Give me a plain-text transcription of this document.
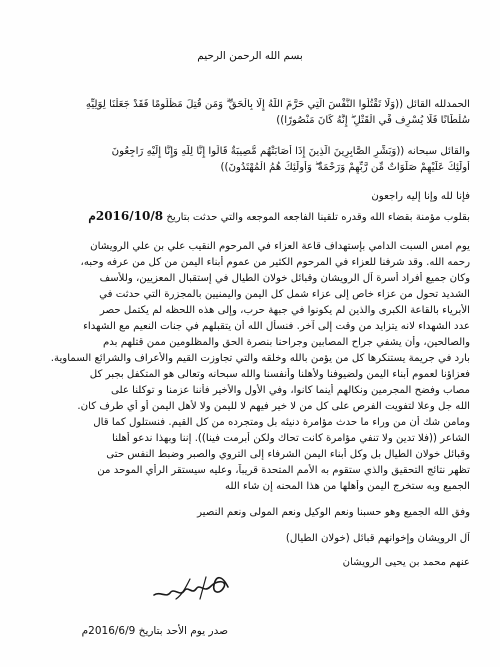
بسم الله الرحمن الرحيم
الحمدلله القائل ((وَلَا تَقْتُلُوا النَّفْسَ الَّتِي حَرَّمَ اللَّهُ إِلَّا بِالْحَقِّ ۗ وَمَن قُتِلَ مَظْلُومًا فَقَدْ جَعَلْنَا لِوَلِيِّهِ
سُلْطَانًا فَلَا يُسْرِف فِّي الْقَتْلِ ۖ إِنَّهُ كَانَ مَنْصُورًا))
والقائل سبحانه ((وَبَشِّرِ الصَّابِرِينَ الَّذِينَ إِذَا أَصَابَتْهُم مُّصِيبَةٌ قَالُوا إِنَّا لِلَّهِ وَإِنَّا إِلَيْهِ رَاجِعُونَ
أُولَٰئِكَ عَلَيْهِمْ صَلَوَاتٌ مِّن رَّبِّهِمْ وَرَحْمَةٌ ۖ وَأُولَٰئِكَ هُمُ الْمُهْتَدُونَ))
فإنا لله وإنا إليه راجعون
بقلوب مؤمنة بقضاء الله وقدره تلقينا الفاجعه الموجعه والتي حدثت بتاريخ 2016/10/8م
يوم امس السبت الدامي بإستهداف قاعة العزاء في المرحوم النقيب علي بن علي الرويشان
رحمه الله. وقد شرفنا للعزاء في المرحوم الكثير من عموم أبناء اليمن من كل من عرفه وحبه،
وكان جميع أفراد أسرة آل الرويشان وقبائل خولان الطيال في إستقبال المعزيين، وللأسف
الشديد تحول من عزاء خاص إلى عزاء شمل كل اليمن واليمنيين بالمجزرة التي حدثت في
الأبرياء بالقاعة الكبرى والذين لم يكونوا في جبهة حرب، وإلى هذه اللحظه لم يكتمل حصر
عدد الشهداء لانه يتزايد من وقت إلى آخر. فنسأل الله أن يتقبلهم في جنات النعيم مع الشهداء
والصالحين، وأن يشفي جراح المصابين وجراحنا بنصرة الحق والمظلومين ممن قتلهم بدم
بارد في جريمة يستنكرها كل من يؤمن بالله وخلقه والتي تجاوزت القيم والأعراف والشرائع السماوية.
فعزاؤنا لعموم أبناء اليمن ولضيوفنا ولأهلنا وأنفسنا والله سبحانه وتعالى هو المتكفل بجبر كل
مصاب وفضح المجرمين ونكالهم أينما كانوا، وفي الأول والأخير فأننا عزمنا و توكلنا على
الله جل وعلا لتفويت الفرص على كل من لا خير فيهم لا لليمن ولا لأهل اليمن أو أي طرف كان.
ومامن شك أن من وراء ما حدث مؤامرة دنيئه بل ومتجرده من كل القيم. فنستلول كما قال
الشاعر ((فلا تدين ولا تنفي مؤامرة كانت تحاك ولكن أبرمت فينا)). إننا وبهذا ندعو أهلنا
وقبائل خولان الطيال بل وكل أبناء اليمن الشرفاء إلى التروي والصبر وضبط النفس حتى
تظهر نتائج التحقيق والذي ستقوم به الأمم المتحدة قريباً، وعليه سيستقر الرأي الموحد من
الجميع وبه ستخرج اليمن وأهلها من هذا المحنه إن شاء الله
وفق الله الجميع وهو حسبنا ونعم الوكيل ونعم المولى ونعم النصير
آل الرويشان وإخوانهم قبائل (خولان الطيال)
عنهم محمد بن يحيى الرويشان
صدر يوم الأحد بتاريخ 2016/6/9م
